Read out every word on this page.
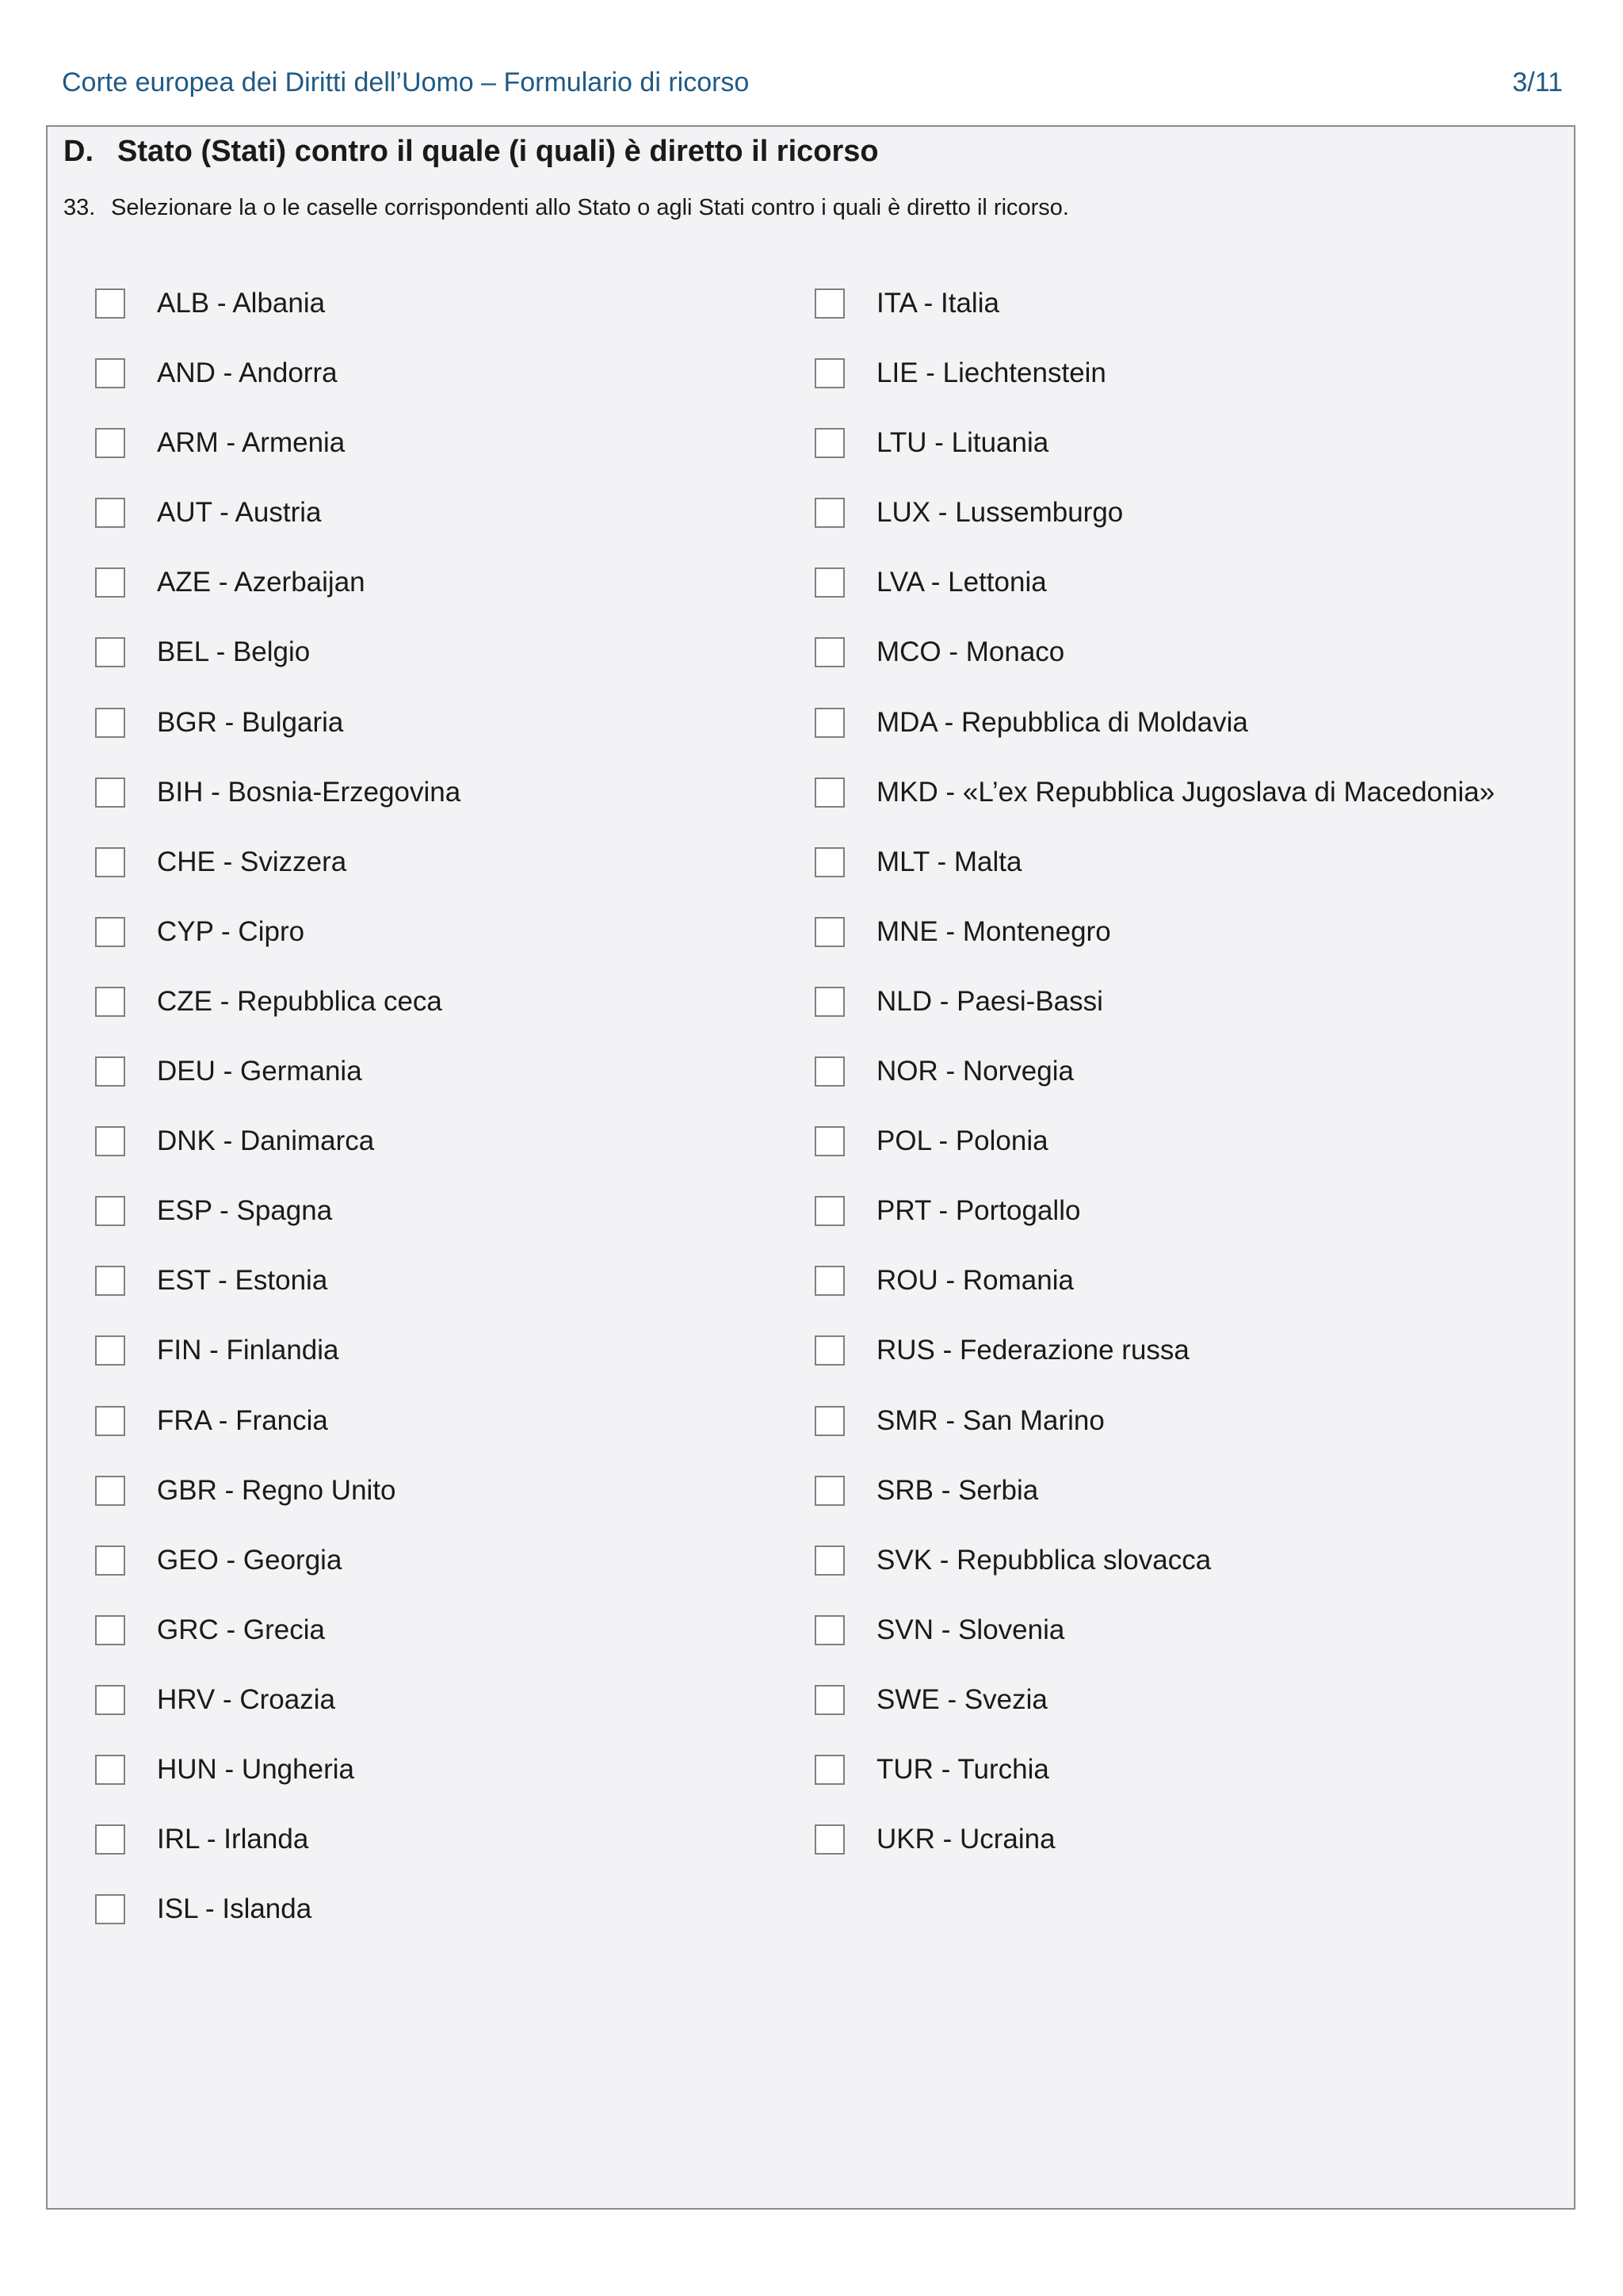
Corte europea dei Diritti dell’Uomo – Formulario di ricorso	3/11
D. Stato (Stati) contro il quale (i quali) è diretto il ricorso
33. Selezionare la o le caselle corrispondenti allo Stato o agli Stati contro i quali è diretto il ricorso.
ALB - Albania
AND - Andorra
ARM - Armenia
AUT - Austria
AZE - Azerbaijan
BEL - Belgio
BGR - Bulgaria
BIH - Bosnia-Erzegovina
CHE - Svizzera
CYP - Cipro
CZE - Repubblica ceca
DEU - Germania
DNK - Danimarca
ESP - Spagna
EST - Estonia
FIN - Finlandia
FRA - Francia
GBR - Regno Unito
GEO - Georgia
GRC - Grecia
HRV - Croazia
HUN - Ungheria
IRL - Irlanda
ISL - Islanda
ITA - Italia
LIE - Liechtenstein
LTU - Lituania
LUX - Lussemburgo
LVA - Lettonia
MCO - Monaco
MDA - Repubblica di Moldavia
MKD - «L’ex Repubblica Jugoslava di Macedonia»
MLT - Malta
MNE - Montenegro
NLD - Paesi-Bassi
NOR - Norvegia
POL - Polonia
PRT - Portogallo
ROU - Romania
RUS - Federazione russa
SMR - San Marino
SRB - Serbia
SVK - Repubblica slovacca
SVN - Slovenia
SWE - Svezia
TUR - Turchia
UKR - Ucraina
